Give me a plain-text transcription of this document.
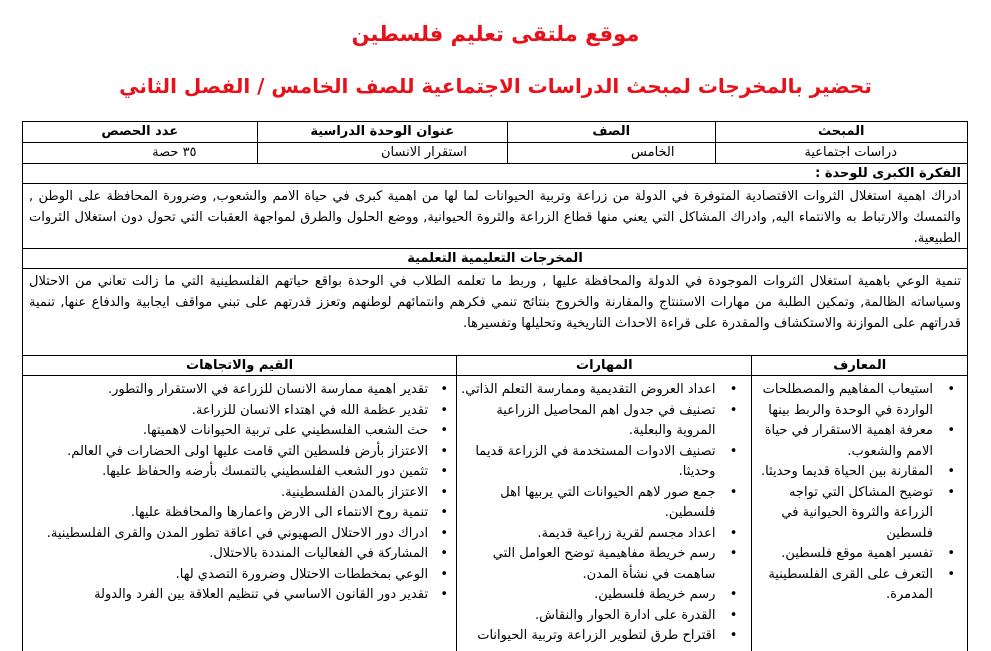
موقع ملتقى تعليم فلسطين
تحضير بالمخرجات لمبحث الدراسات الاجتماعية للصف الخامس / الفصل الثاني
المبحث
الصف
عنوان الوحدة الدراسية
عدد الحصص
دراسات اجتماعية
الخامس
استقرار الانسان
٣٥ حصة
الفكرة الكبرى للوحدة :
ادراك اهمية استغلال الثروات الاقتصادية المتوفرة في الدولة من زراعة وتربية الحيوانات لما لها من اهمية كبرى في حياة الامم والشعوب, وضرورة المحافظة على الوطن , والتمسك والارتباط به والانتماء اليه, وادراك المشاكل التي يعني منها قطاع الزراعة والثروة الحيوانية, ووضع الحلول والطرق لمواجهة العقبات التي تحول دون استغلال الثروات الطبيعية.
المخرجات التعليمية التعلمية
تنمية الوعي باهمية استغلال الثروات الموجودة في الدولة والمحافظة عليها , وربط ما تعلمه الطلاب في الوحدة بواقع حياتهم الفلسطينية التي ما زالت تعاني من الاحتلال وسياساته الظالمة, وتمكين الطلبة من مهارات الاستنتاج والمقارنة والخروج بنتائج تنمي فكرهم وانتمائهم لوطنهم وتعزز قدرتهم على تبني مواقف ايجابية والدفاع عنها, تنمية قدراتهم على الموازنة والاستكشاف والمقدرة على قراءة الاحداث التاريخية وتحليلها وتفسيرها.
المعارف
المهارات
القيم والاتجاهات
• استيعاب المفاهيم والمصطلحات الواردة في الوحدة والربط بينها
• معرفة اهمية الاستقرار في حياة الامم والشعوب.
• المقارنة بين الحياة قديما وحديثا.
• توضيح المشاكل التي تواجه الزراعة والثروة الحيوانية في فلسطين
• تفسير اهمية موقع فلسطين.
• التعرف على القرى الفلسطينية المدمرة.
• اعداد العروض التقديمية وممارسة التعلم الذاتي.
• تصنيف في جدول اهم المحاصيل الزراعية المروية والبعلية.
• تصنيف الادوات المستخدمة في الزراعة قديما وحديثا.
• جمع صور لاهم الحيوانات التي يربيها اهل فلسطين.
• اعداد مجسم لقرية زراعية قديمة.
• رسم خريطة مفاهيمية توضح العوامل التي ساهمت في نشأة المدن.
• رسم خريطة فلسطين.
• القدرة على ادارة الحوار والنقاش.
• اقتراح طرق لتطوير الزراعة وتربية الحيوانات
• تقدير اهمية ممارسة الانسان للزراعة في الاستقرار والتطور.
• تقدير عظمة الله في اهتداء الانسان للزراعة.
• حث الشعب الفلسطيني على تربية الحيوانات لاهميتها.
• الاعتزاز بأرض فلسطين التي قامت عليها اولى الحضارات في العالم.
• تثمين دور الشعب الفلسطيني بالتمسك بأرضه والحفاظ عليها.
• الاعتزاز بالمدن الفلسطينية.
• تنمية روح الانتماء الى الارض واعمارها والمحافظة عليها.
• ادراك دور الاحتلال الصهيوني في اعاقة تطور المدن والقرى الفلسطينية.
• المشاركة في الفعاليات المنددة بالاحتلال.
• الوعي بمخططات الاحتلال وضرورة التصدي لها.
• تقدير دور القانون الاساسي في تنظيم العلاقة بين الفرد والدولة
